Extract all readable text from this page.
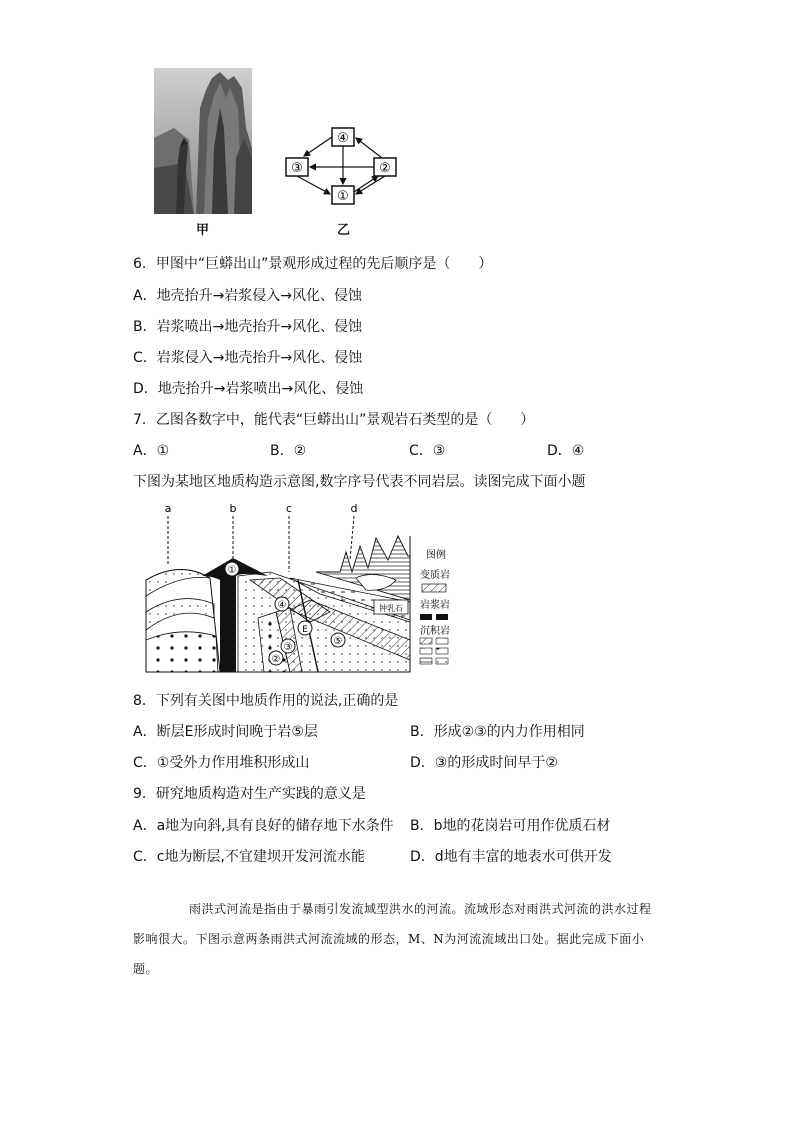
甲
④
③	②
①
乙
6．甲图中“巨蟒出山”景观形成过程的先后顺序是（　　）
A．地壳抬升→岩浆侵入→风化、侵蚀
B．岩浆喷出→地壳抬升→风化、侵蚀
C．岩浆侵入→地壳抬升→风化、侵蚀
D．地壳抬升→岩浆喷出→风化、侵蚀
7．乙图各数字中，能代表“巨蟒出山”景观岩石类型的是（　　）
A．①	B．②	C．③	D．④
下图为某地区地质构造示意图,数字序号代表不同岩层。读图完成下面小题
a	b	c	d
①
④
E
③
②
⑤
钟乳石
图例
变质岩
岩浆岩
沉积岩
8．下列有关图中地质作用的说法,正确的是
A．断层E形成时间晚于岩⑤层	B．形成②③的内力作用相同
C．①受外力作用堆积形成山	D．③的形成时间早于②
9．研究地质构造对生产实践的意义是
A．a地为向斜,具有良好的储存地下水条件 B．b地的花岗岩可用作优质石材
C．c地为断层,不宜建坝开发河流水能	D．d地有丰富的地表水可供开发
雨洪式河流是指由于暴雨引发流域型洪水的河流。流域形态对雨洪式河流的洪水过程影响很大。下图示意两条雨洪式河流流域的形态，M、N为河流流域出口处。据此完成下面小题。
